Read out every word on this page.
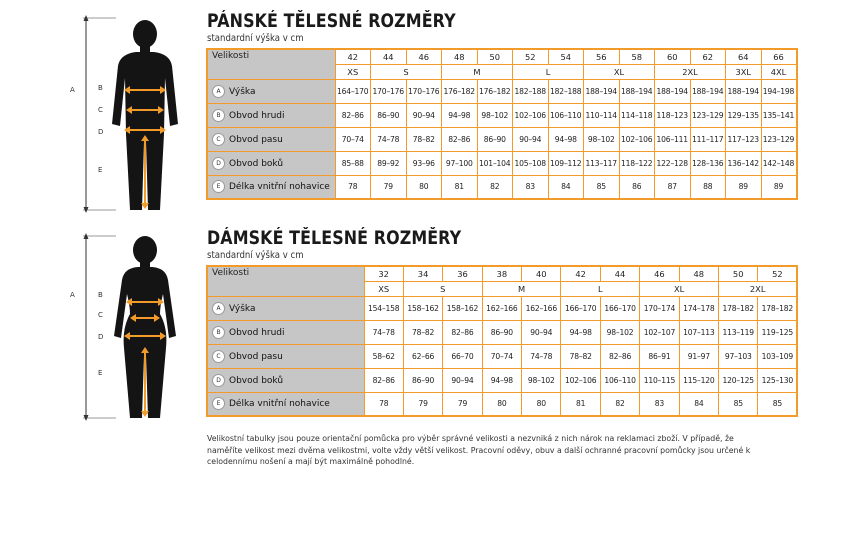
A	B
C
D
E
PÁNSKÉ TĚLESNÉ ROZMĚRY
standardní výška v cm
Velikosti	42	44	46	48	50	52	54	56	58	60	62	64	66
	XS	S		M		L		XL		2XL		3XL	4XL
A Výška	164–170	170–176	170–176	176–182	176–182	182–188	182–188	188–194	188–194	188–194	188–194	188–194	194–198
B Obvod hrudi	82–86	86–90	90–94	94–98	98–102	102–106	106–110	110–114	114–118	118–123	123–129	129–135	135–141
C Obvod pasu	70–74	74–78	78–82	82–86	86–90	90–94	94–98	98–102	102–106	106–111	111–117	117–123	123–129
D Obvod boků	85–88	89–92	93–96	97–100	101–104	105–108	109–112	113–117	118–122	122–128	128–136	136–142	142–148
E Délka vnitřní nohavice	78	79	80	81	82	83	84	85	86	87	88	89	89
A	B
C
D
E
DÁMSKÉ TĚLESNÉ ROZMĚRY
standardní výška v cm
Velikosti	32	34	36	38	40	42	44	46	48	50	52
	XS	S		M		L		XL		2XL	
A Výška	154–158	158–162	158–162	162–166	162–166	166–170	166–170	170–174	174–178	178–182	178–182
B Obvod hrudi	74–78	78–82	82–86	86–90	90–94	94–98	98–102	102–107	107–113	113–119	119–125
C Obvod pasu	58–62	62–66	66–70	70–74	74–78	78–82	82–86	86–91	91–97	97–103	103–109
D Obvod boků	82–86	86–90	90–94	94–98	98–102	102–106	106–110	110–115	115–120	120–125	125–130
E Délka vnitřní nohavice	78	79	79	80	80	81	82	83	84	85	85
Velikostní tabulky jsou pouze orientační pomůcka pro výběr správné velikosti a nezvniká z nich nárok na reklamaci zboží. V případě, že naměříte velikost mezi dvěma velikostmi, volte vždy větší velikost. Pracovní oděvy, obuv a další ochranné pracovní pomůcky jsou určené k celodennímu nošení a mají být maximálně pohodlné.
